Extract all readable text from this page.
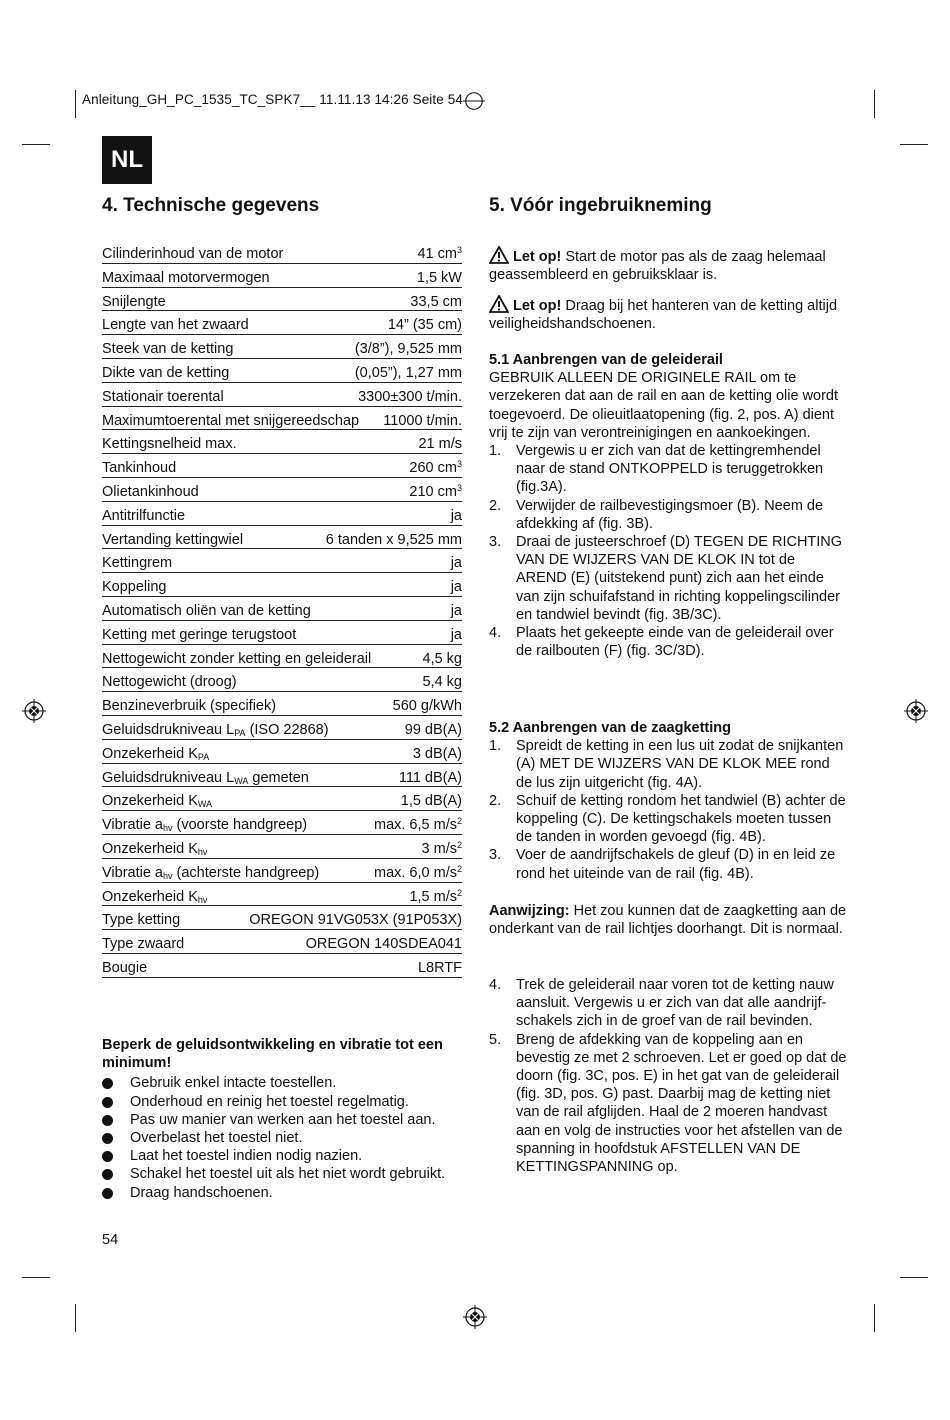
Anleitung_GH_PC_1535_TC_SPK7__ 11.11.13 14:26 Seite 54
NL
4. Technische gegevens
Cilinderinhoud van de motor	41 $cm^3$
Maximaal motorvermogen	1,5 kW
Snijlengte	33,5 cm
Lengte van het zwaard	14” (35 cm)
Steek van de ketting	(3/8”), 9,525 mm
Dikte van de ketting	(0,05”), 1,27 mm
Stationair toerental	3300±300 t/min.
Maximumtoerental met snijgereedschap 11000 t/min.
Kettingsnelheid max.	21 m/s
Tankinhoud	260 $cm^3$
Olietankinhoud	210 $cm^3$
Antitrilfunctie	ja
Vertanding kettingwiel	6 tanden x 9,525 mm
Kettingrem	ja
Koppeling	ja
Automatisch oliën van de ketting	ja
Ketting met geringe terugstoot	ja
Nettogewicht zonder ketting en geleiderail	4,5 kg
Nettogewicht (droog)	5,4 kg
Benzineverbruik (specifiek)	560 g/kWh
Geluidsdrukniveau $L_{PA}$ (ISO 22868)	99 dB(A)
Onzekerheid $K_{PA}$	3 dB(A)
Geluidsdrukniveau $L_{WA}$ gemeten	111 dB(A)
Onzekerheid $K_{WA}$	1,5 dB(A)
Vibratie $a_{hv}$ (voorste handgreep)	max. 6,5 $m/s^2$
Onzekerheid $K_{hv}$	3 $m/s^2$
Vibratie $a_{hv}$ (achterste handgreep)	max. 6,0 $m/s^2$
Onzekerheid $K_{hv}$	1,5 $m/s^2$
Type ketting	OREGON 91VG053X (91P053X)
Type zwaard	OREGON 140SDEA041
Bougie	L8RTF
Beperk de geluidsontwikkeling en vibratie tot een minimum!
Gebruik enkel intacte toestellen.
Onderhoud en reinig het toestel regelmatig.
Pas uw manier van werken aan het toestel aan.
Overbelast het toestel niet.
Laat het toestel indien nodig nazien.
Schakel het toestel uit als het niet wordt gebruikt.
Draag handschoenen.
54
5. Vóór ingebruikneming
Let op! Start de motor pas als de zaag helemaal geassembleerd en gebruiksklaar is.
Let op! Draag bij het hanteren van de ketting altijd veiligheidshandschoenen.
5.1 Aanbrengen van de geleiderail
GEBRUIK ALLEEN DE ORIGINELE RAIL om te verzekeren dat aan de rail en aan de ketting olie wordt toegevoerd. De olieuitlaatopening (fig. 2, pos. A) dient vrij te zijn van verontreinigingen en aankoekingen.
1.	Vergewis u er zich van dat de kettingremhendel naar de stand ONTKOPPELD is teruggetrokken (fig.3A).
2.	Verwijder de railbevestigingsmoer (B). Neem de afdekking af (fig. 3B).
3.	Draai de justeerschroef (D) TEGEN DE RICHTING VAN DE WIJZERS VAN DE KLOK IN tot de AREND (E) (uitstekend punt) zich aan het einde van zijn schuifafstand in richting koppelingscilinder en tandwiel bevindt (fig. 3B/3C).
4.	Plaats het gekeepte einde van de geleiderail over de railbouten (F) (fig. 3C/3D).
5.2 Aanbrengen van de zaagketting
1.	Spreidt de ketting in een lus uit zodat de snijkanten (A) MET DE WIJZERS VAN DE KLOK MEE rond de lus zijn uitgericht (fig. 4A).
2.	Schuif de ketting rondom het tandwiel (B) achter de koppeling (C). De kettingschakels moeten tussen de tanden in worden gevoegd (fig. 4B).
3.	Voer de aandrijfschakels de gleuf (D) in en leid ze rond het uiteinde van de rail (fig. 4B).
Aanwijzing: Het zou kunnen dat de zaagketting aan de onderkant van de rail lichtjes doorhangt. Dit is normaal.
4.	Trek de geleiderail naar voren tot de ketting nauw aansluit. Vergewis u er zich van dat alle aandrijf-schakels zich in de groef van de rail bevinden.
5.	Breng de afdekking van de koppeling aan en bevestig ze met 2 schroeven. Let er goed op dat de doorn (fig. 3C, pos. E) in het gat van de geleiderail (fig. 3D, pos. G) past. Daarbij mag de ketting niet van de rail afglijden. Haal de 2 moeren handvast aan en volg de instructies voor het afstellen van de spanning in hoofdstuk AFSTELLEN VAN DE KETTINGSPANNING op.
